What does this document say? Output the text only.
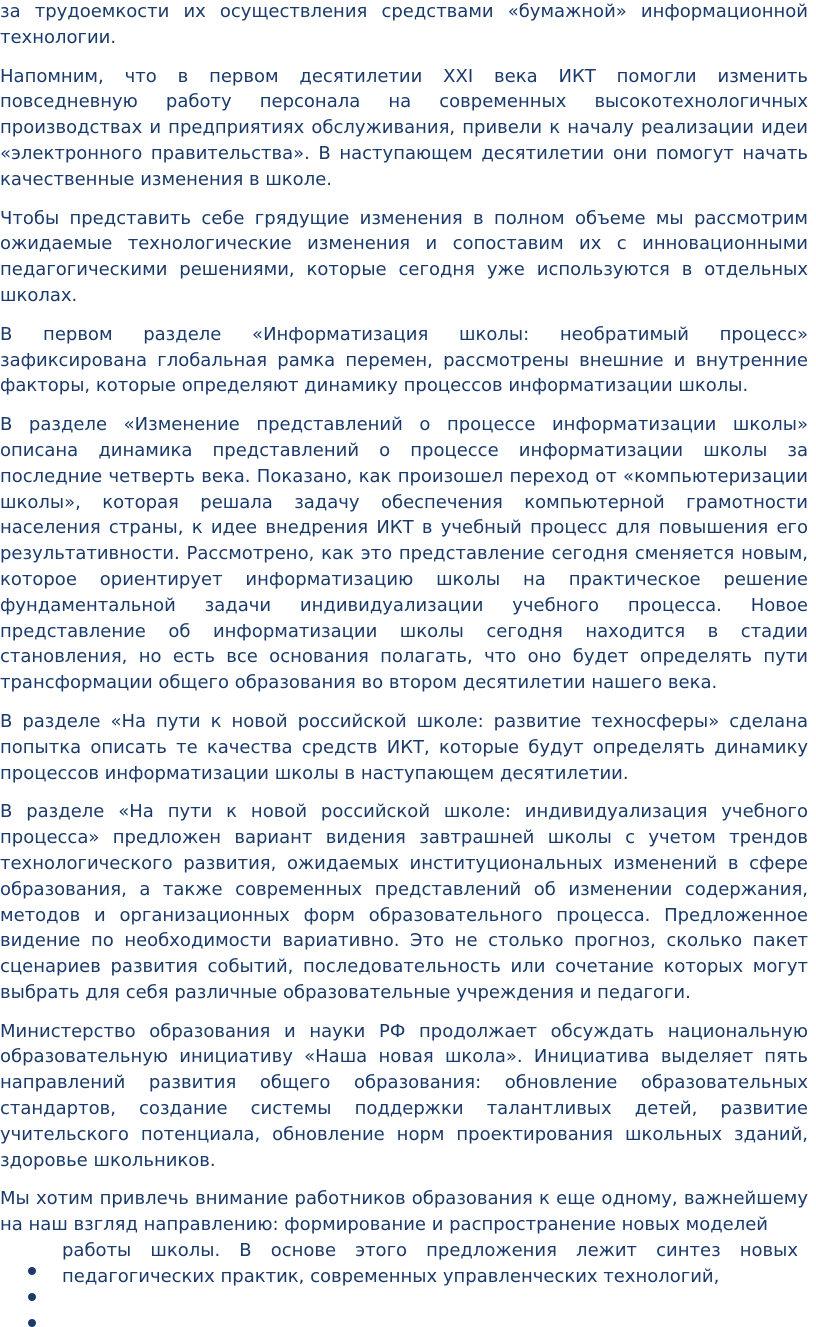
за трудоемкости их осуществления средствами «бумажной» информационной технологии.

Напомним, что в первом десятилетии XXI века ИКТ помогли изменить повседневную работу персонала на современных высокотехнологичных производствах и предприятиях обслуживания, привели к началу реализации идеи «электронного правительства». В наступающем десятилетии они помогут начать качественные изменения в школе.

Чтобы представить себе грядущие изменения в полном объеме мы рассмотрим ожидаемые технологические изменения и сопоставим их с инновационными педагогическими решениями, которые сегодня уже используются в отдельных школах.

В первом разделе «Информатизация школы: необратимый процесс» зафиксирована глобальная рамка перемен, рассмотрены внешние и внутренние факторы, которые определяют динамику процессов информатизации школы.

В разделе «Изменение представлений о процессе информатизации школы» описана динамика представлений о процессе информатизации школы за последние четверть века. Показано, как произошел переход от «компьютеризации школы», которая решала задачу обеспечения компьютерной грамотности населения страны, к идее внедрения ИКТ в учебный процесс для повышения его результативности. Рассмотрено, как это представление сегодня сменяется новым, которое ориентирует информатизацию школы на практическое решение фундаментальной задачи индивидуализации учебного процесса. Новое представление об информатизации школы сегодня находится в стадии становления, но есть все основания полагать, что оно будет определять пути трансформации общего образования во втором десятилетии нашего века.

В разделе «На пути к новой российской школе: развитие техносферы» сделана попытка описать те качества средств ИКТ, которые будут определять динамику процессов информатизации школы в наступающем десятилетии.

В разделе «На пути к новой российской школе: индивидуализация учебного процесса» предложен вариант видения завтрашней школы с учетом трендов технологического развития, ожидаемых институциональных изменений в сфере образования, а также современных представлений об изменении содержания, методов и организационных форм образовательного процесса. Предложенное видение по необходимости вариативно. Это не столько прогноз, сколько пакет сценариев развития событий, последовательность или сочетание которых могут выбрать для себя различные образовательные учреждения и педагоги.

Министерство образования и науки РФ продолжает обсуждать национальную образовательную инициативу «Наша новая школа». Инициатива выделяет пять направлений развития общего образования: обновление образовательных стандартов, создание системы поддержки талантливых детей, развитие учительского потенциала, обновление норм проектирования школьных зданий, здоровье школьников.

Мы хотим привлечь внимание работников образования к еще одному, важнейшему на наш взгляд направлению: формирование и распространение новых моделей

работы школы. В основе этого предложения лежит синтез новых педагогических практик, современных управленческих технологий,
